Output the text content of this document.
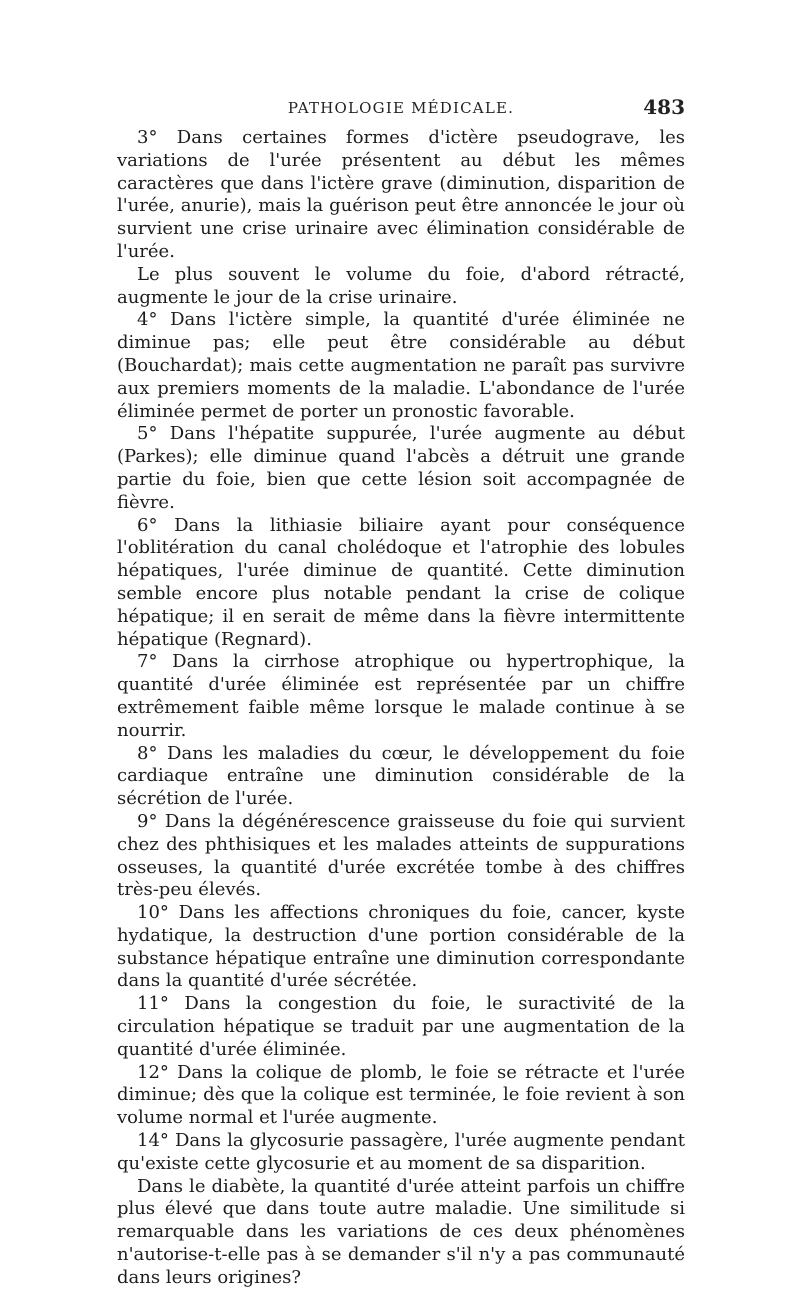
PATHOLOGIE MÉDICALE.	483

3° Dans certaines formes d'ictère pseudograve, les variations de l'urée présentent au début les mêmes caractères que dans l'ictère grave (diminution, disparition de l'urée, anurie), mais la guérison peut être annoncée le jour où survient une crise urinaire avec élimination considérable de l'urée.

Le plus souvent le volume du foie, d'abord rétracté, augmente le jour de la crise urinaire.

4° Dans l'ictère simple, la quantité d'urée éliminée ne diminue pas; elle peut être considérable au début (Bouchardat); mais cette augmentation ne paraît pas survivre aux premiers moments de la maladie. L'abondance de l'urée éliminée permet de porter un pronostic favorable.

5° Dans l'hépatite suppurée, l'urée augmente au début (Parkes); elle diminue quand l'abcès a détruit une grande partie du foie, bien que cette lésion soit accompagnée de fièvre.

6° Dans la lithiasie biliaire ayant pour conséquence l'oblitération du canal cholédoque et l'atrophie des lobules hépatiques, l'urée diminue de quantité. Cette diminution semble encore plus notable pendant la crise de colique hépatique; il en serait de même dans la fièvre intermittente hépatique (Regnard).

7° Dans la cirrhose atrophique ou hypertrophique, la quantité d'urée éliminée est représentée par un chiffre extrêmement faible même lorsque le malade continue à se nourrir.

8° Dans les maladies du cœur, le développement du foie cardiaque entraîne une diminution considérable de la sécrétion de l'urée.

9° Dans la dégénérescence graisseuse du foie qui survient chez des phthisiques et les malades atteints de suppurations osseuses, la quantité d'urée excrétée tombe à des chiffres très-peu élevés.

10° Dans les affections chroniques du foie, cancer, kyste hydatique, la destruction d'une portion considérable de la substance hépatique entraîne une diminution correspondante dans la quantité d'urée sécrétée.

11° Dans la congestion du foie, le suractivité de la circulation hépatique se traduit par une augmentation de la quantité d'urée éliminée.

12° Dans la colique de plomb, le foie se rétracte et l'urée diminue; dès que la colique est terminée, le foie revient à son volume normal et l'urée augmente.

14° Dans la glycosurie passagère, l'urée augmente pendant qu'existe cette glycosurie et au moment de sa disparition.

Dans le diabète, la quantité d'urée atteint parfois un chiffre plus élevé que dans toute autre maladie. Une similitude si remarquable dans les variations de ces deux phénomènes n'autorise-t-elle pas à se demander s'il n'y a pas communauté dans leurs origines?
